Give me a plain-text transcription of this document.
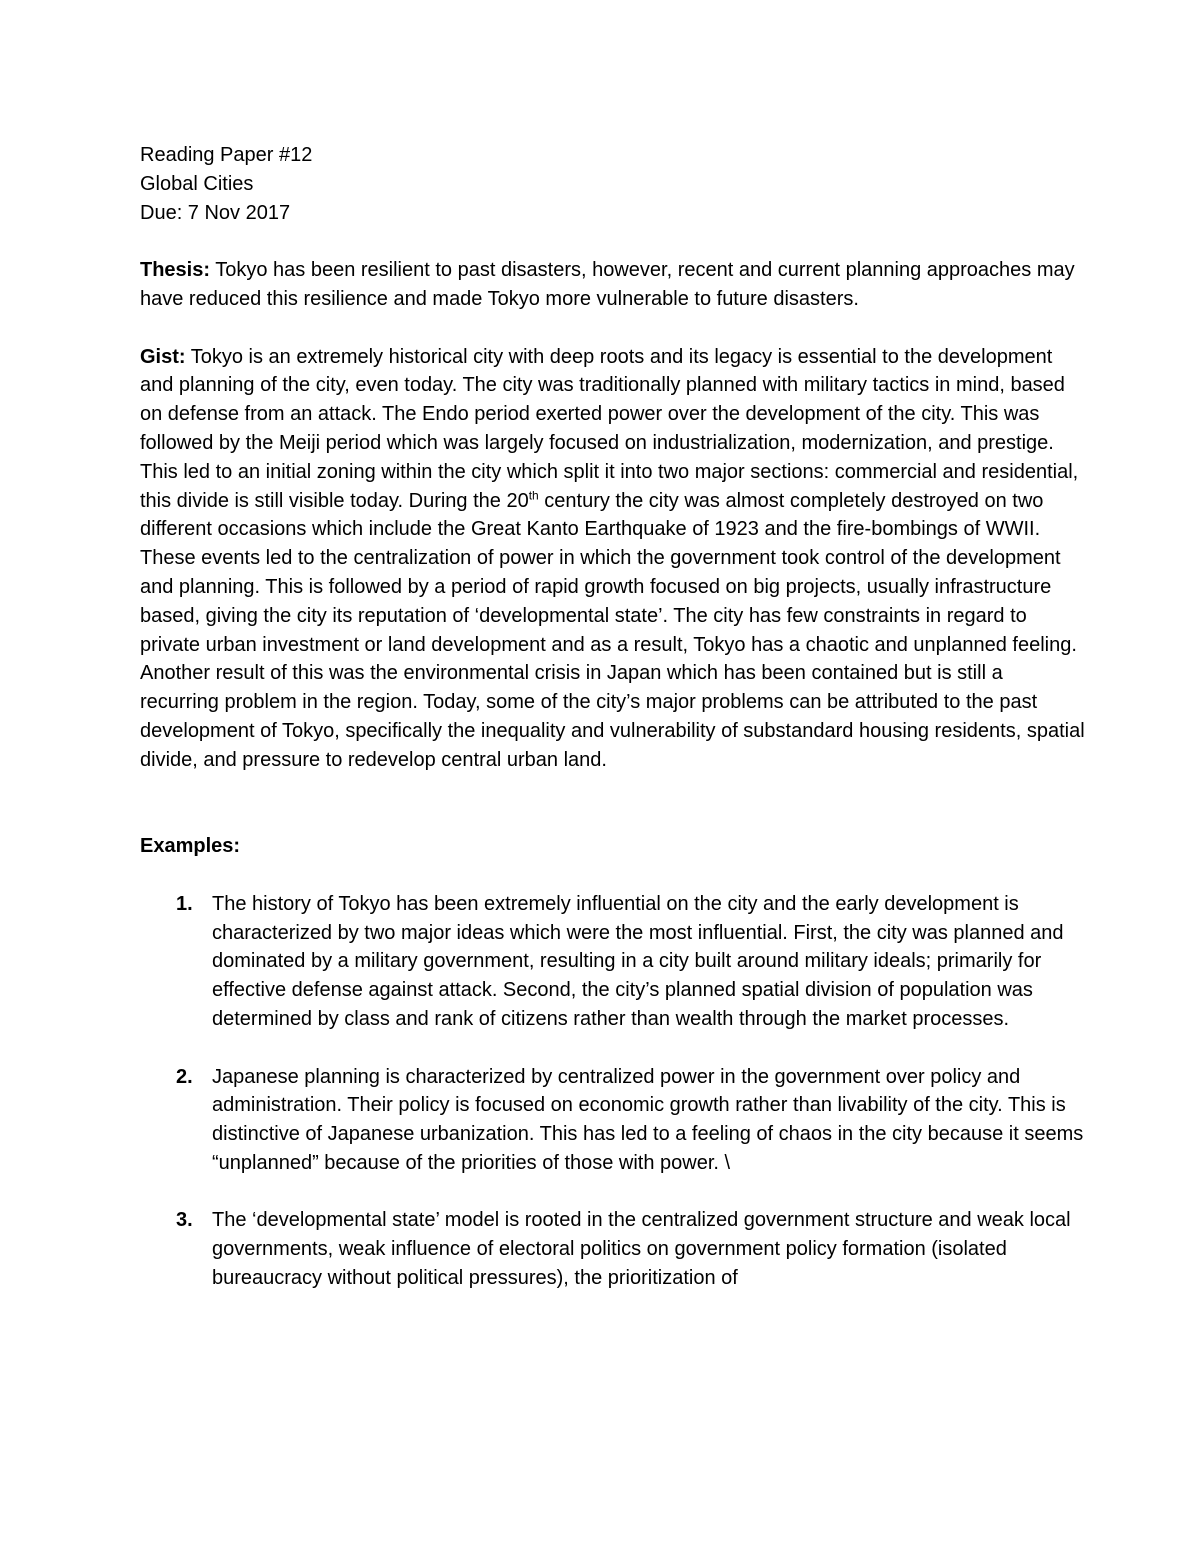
Reading Paper #12
Global Cities
Due: 7 Nov 2017

Thesis: Tokyo has been resilient to past disasters, however, recent and current planning approaches may have reduced this resilience and made Tokyo more vulnerable to future disasters.

Gist: Tokyo is an extremely historical city with deep roots and its legacy is essential to the development and planning of the city, even today. The city was traditionally planned with military tactics in mind, based on defense from an attack. The Endo period exerted power over the development of the city. This was followed by the Meiji period which was largely focused on industrialization, modernization, and prestige. This led to an initial zoning within the city which split it into two major sections: commercial and residential, this divide is still visible today. During the 20th century the city was almost completely destroyed on two different occasions which include the Great Kanto Earthquake of 1923 and the fire-bombings of WWII. These events led to the centralization of power in which the government took control of the development and planning. This is followed by a period of rapid growth focused on big projects, usually infrastructure based, giving the city its reputation of ‘developmental state’. The city has few constraints in regard to private urban investment or land development and as a result, Tokyo has a chaotic and unplanned feeling. Another result of this was the environmental crisis in Japan which has been contained but is still a recurring problem in the region. Today, some of the city’s major problems can be attributed to the past development of Tokyo, specifically the inequality and vulnerability of substandard housing residents, spatial divide, and pressure to redevelop central urban land.

Examples:
1. The history of Tokyo has been extremely influential on the city and the early development is characterized by two major ideas which were the most influential. First, the city was planned and dominated by a military government, resulting in a city built around military ideals; primarily for effective defense against attack. Second, the city’s planned spatial division of population was determined by class and rank of citizens rather than wealth through the market processes.
2. Japanese planning is characterized by centralized power in the government over policy and administration. Their policy is focused on economic growth rather than livability of the city. This is distinctive of Japanese urbanization. This has led to a feeling of chaos in the city because it seems “unplanned” because of the priorities of those with power. \
3. The ‘developmental state’ model is rooted in the centralized government structure and weak local governments, weak influence of electoral politics on government policy formation (isolated bureaucracy without political pressures), the prioritization of
